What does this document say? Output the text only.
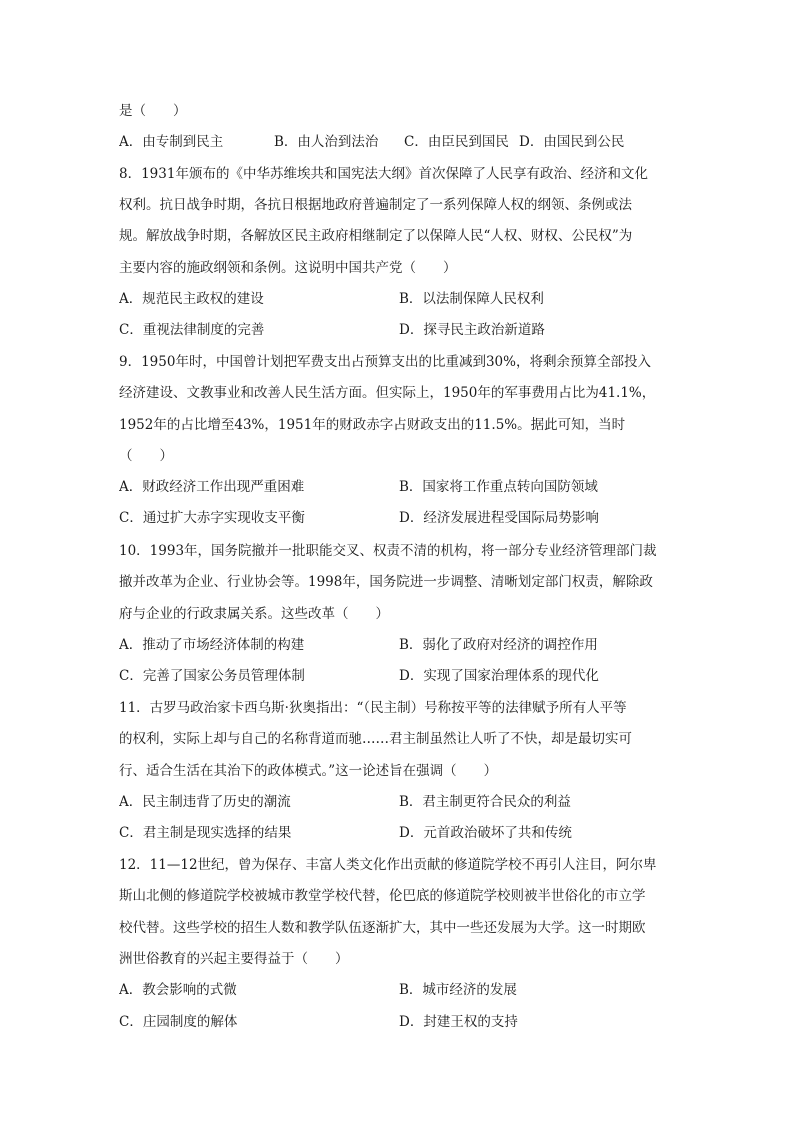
是（　　）
A．由专制到民主	B．由人治到法治 C．由臣民到国民 D．由国民到公民
8．1931年颁布的《中华苏维埃共和国宪法大纲》首次保障了人民享有政治、经济和文化
权利。抗日战争时期，各抗日根据地政府普遍制定了一系列保障人权的纲领、条例或法
规。解放战争时期，各解放区民主政府相继制定了以保障人民“人权、财权、公民权”为
主要内容的施政纲领和条例。这说明中国共产党（　　）
A．规范民主政权的建设	B．以法制保障人民权利
C．重视法律制度的完善	D．探寻民主政治新道路
9．1950年时，中国曾计划把军费支出占预算支出的比重减到30%，将剩余预算全部投入
经济建设、文教事业和改善人民生活方面。但实际上，1950年的军事费用占比为41.1%，
1952年的占比增至43%，1951年的财政赤字占财政支出的11.5%。据此可知，当时
（　　）
A．财政经济工作出现严重困难	B．国家将工作重点转向国防领域
C．通过扩大赤字实现收支平衡	D．经济发展进程受国际局势影响
10．1993年，国务院撤并一批职能交叉、权责不清的机构，将一部分专业经济管理部门裁
撤并改革为企业、行业协会等。1998年，国务院进一步调整、清晰划定部门权责，解除政
府与企业的行政隶属关系。这些改革（　　）
A．推动了市场经济体制的构建	B．弱化了政府对经济的调控作用
C．完善了国家公务员管理体制	D．实现了国家治理体系的现代化
11．古罗马政治家卡西乌斯·狄奥指出：“（民主制）号称按平等的法律赋予所有人平等
的权利，实际上却与自己的名称背道而驰……君主制虽然让人听了不快，却是最切实可
行、适合生活在其治下的政体模式。”这一论述旨在强调（　　）
A．民主制违背了历史的潮流	B．君主制更符合民众的利益
C．君主制是现实选择的结果	D．元首政治破坏了共和传统
12．11—12世纪，曾为保存、丰富人类文化作出贡献的修道院学校不再引人注目，阿尔卑
斯山北侧的修道院学校被城市教堂学校代替，伦巴底的修道院学校则被半世俗化的市立学
校代替。这些学校的招生人数和教学队伍逐渐扩大，其中一些还发展为大学。这一时期欧
洲世俗教育的兴起主要得益于（　　）
A．教会影响的式微	B．城市经济的发展
C．庄园制度的解体	D．封建王权的支持
